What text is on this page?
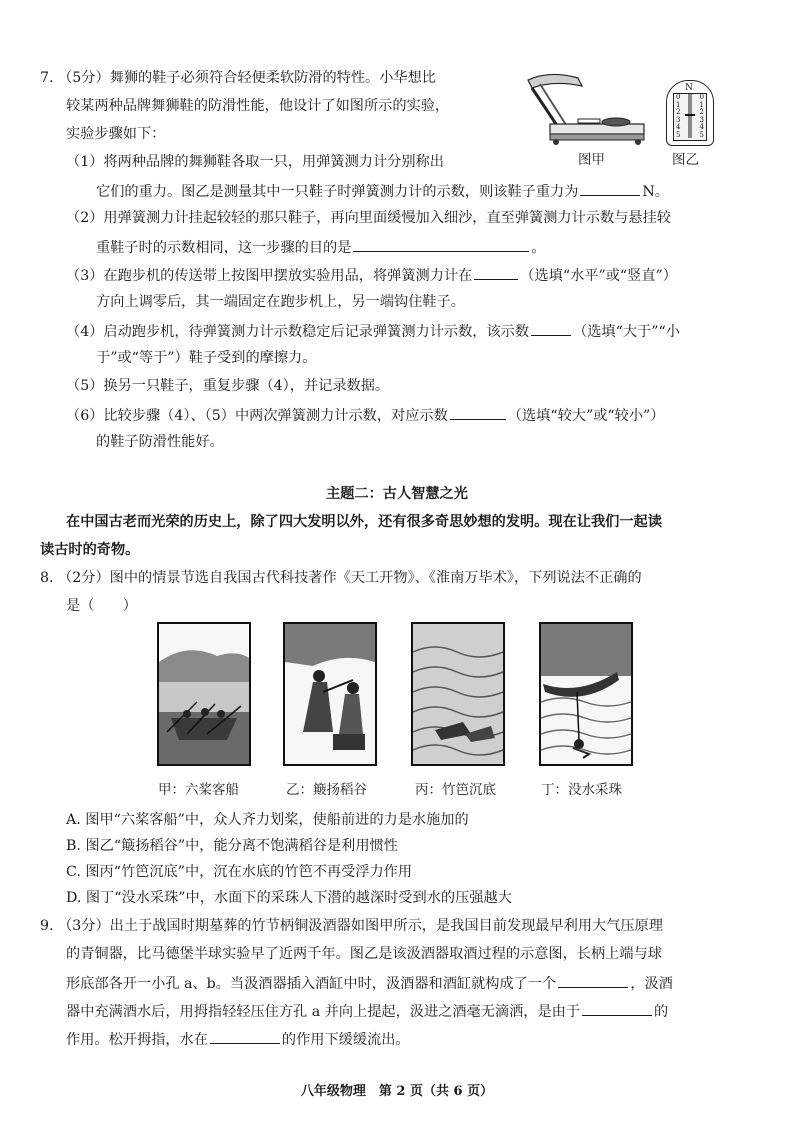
7. （5分）舞狮的鞋子必须符合轻便柔软防滑的特性。小华想比
较某两种品牌舞狮鞋的防滑性能，他设计了如图所示的实验，
实验步骤如下：
N
0
1
2
3
4
5
0
1
2
3
4
5
图甲	图乙
（1）将两种品牌的舞狮鞋各取一只，用弹簧测力计分别称出
它们的重力。图乙是测量其中一只鞋子时弹簧测力计的示数，则该鞋子重力为	N。
（2）用弹簧测力计挂起较轻的那只鞋子，再向里面缓慢加入细沙，直至弹簧测力计示数与悬挂较
重鞋子时的示数相同，这一步骤的目的是	。
（3）在跑步机的传送带上按图甲摆放实验用品，将弹簧测力计在	（选填“水平”或“竖直”）
方向上调零后，其一端固定在跑步机上，另一端钩住鞋子。
（4）启动跑步机，待弹簧测力计示数稳定后记录弹簧测力计示数，该示数	（选填“大于”“小
于”或“等于”）鞋子受到的摩擦力。
（5）换另一只鞋子，重复步骤（4），并记录数据。
（6）比较步骤（4）、（5）中两次弹簧测力计示数，对应示数	（选填“较大”或“较小”）
的鞋子防滑性能好。
主题二：古人智慧之光
在中国古老而光荣的历史上，除了四大发明以外，还有很多奇思妙想的发明。现在让我们一起读
读古时的奇物。
8. （2分）图中的情景节选自我国古代科技著作《天工开物》、《淮南万毕术》，下列说法不正确的
是（　　）
甲：六桨客船	乙：簸扬稻谷	丙：竹笆沉底	丁：没水采珠
A. 图甲“六桨客船”中，众人齐力划桨，使船前进的力是水施加的
B. 图乙“簸扬稻谷”中，能分离不饱满稻谷是利用惯性
C. 图丙“竹笆沉底”中，沉在水底的竹笆不再受浮力作用
D. 图丁“没水采珠”中，水面下的采珠人下潜的越深时受到水的压强越大
9. （3分）出土于战国时期墓葬的竹节柄铜汲酒器如图甲所示，是我国目前发现最早利用大气压原理
的青铜器，比马德堡半球实验早了近两千年。图乙是该汲酒器取酒过程的示意图，长柄上端与球
形底部各开一小孔 a、b。当汲酒器插入酒缸中时，汲酒器和酒缸就构成了一个	，汲酒
器中充满酒水后，用拇指轻轻压住方孔 a 并向上提起，汲进之酒毫无滴洒，是由于	的
作用。松开拇指，水在	的作用下缓缓流出。
八年级物理　第 2 页（共 6 页）
